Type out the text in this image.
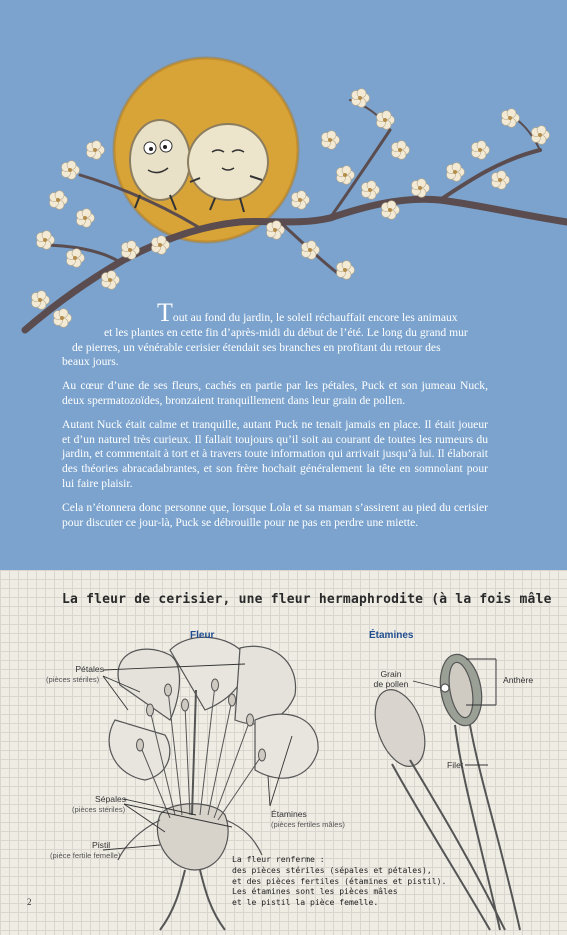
Tout au fond du jardin, le soleil réchauffait encore les animaux
et les plantes en cette fin d’après-midi du début de l’été. Le long du grand mur
de pierres, un vénérable cerisier étendait ses branches en profitant du retour des
beaux jours.

Au cœur d’une de ses fleurs, cachés en partie par les pétales, Puck et son jumeau Nuck, deux spermatozoïdes, bronzaient tranquillement dans leur grain de pollen.

Autant Nuck était calme et tranquille, autant Puck ne tenait jamais en place. Il était joueur et d’un naturel très curieux. Il fallait toujours qu’il soit au courant de toutes les rumeurs du jardin, et commentait à tort et à travers toute information qui arrivait jusqu’à lui. Il élaborait des théories abracadabrantes, et son frère hochait généralement la tête en somnolant pour lui faire plaisir.

Cela n’étonnera donc personne que, lorsque Lola et sa maman s’assirent au pied du cerisier pour discuter ce jour-là, Puck se débrouille pour ne pas en perdre une miette.

La fleur de cerisier, une fleur hermaphrodite (à la fois mâle
Fleur	Étamines
Pétales
(pièces stériles)
Sépales
(pièces stériles)
Pistil
(pièce fertile femelle)
Étamines
(pièces fertiles mâles)
Grain
de pollen	Anthère
Filet
La fleur renferme :
des pièces stériles (sépales et pétales),
et des pièces fertiles (étamines et pistil).
Les étamines sont les pièces mâles
et le pistil la pièce femelle.
2
